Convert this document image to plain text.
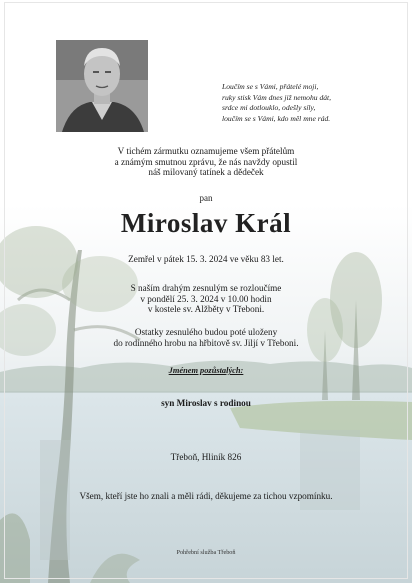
Loučím se s Vámi, přátelé moji,
ruky stisk Vám dnes již nemohu dát,
srdce mi dotlouklo, odešly síly,
loučím se s Vámi, kdo měl mne rád.
V tichém zármutku oznamujeme všem přátelům
a známým smutnou zprávu, že nás navždy opustil
náš milovaný tatínek a dědeček
pan
Miroslav Král
Zemřel v pátek 15. 3. 2024 ve věku 83 let.
S naším drahým zesnulým se rozloučíme
v pondělí 25. 3. 2024 v 10.00 hodin
v kostele sv. Alžběty v Třeboni.
Ostatky zesnulého budou poté uloženy
do rodinného hrobu na hřbitově sv. Jiljí v Třeboni.
Jménem pozůstalých:
syn Miroslav s rodinou
Třeboň, Hliník 826
Všem, kteří jste ho znali a měli rádi, děkujeme za tichou vzpomínku.
Pohřební služba Třeboň
